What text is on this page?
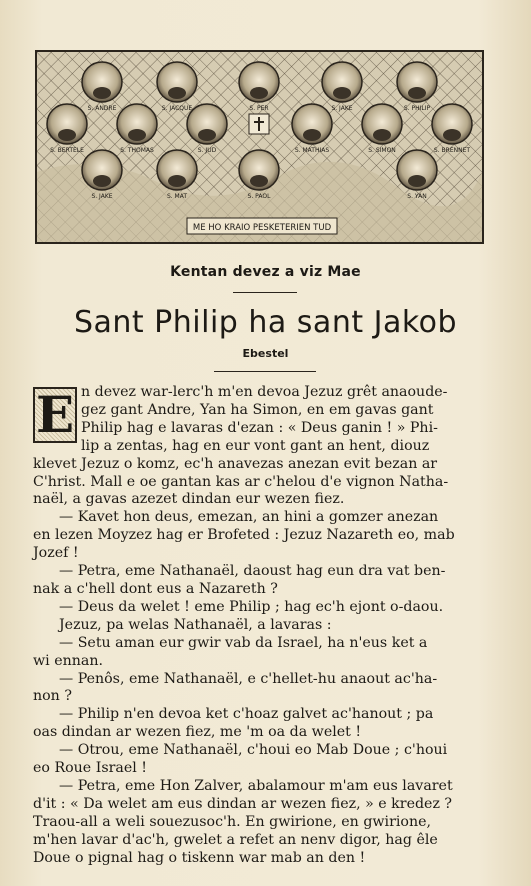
S. ANDRE	S. JACQUE	S. PER	S. JAKE	S. PHILIP
S. BERTELE	S. THOMAS	S. JUD	S. MATHIAS	S. SIMON	S. BRENNET
S. JAKE	S. MAT	S. PAOL	S. YAN
ME HO KRAIO PESKETERIEN TUD
Kentan devez a viz Mae
Sant Philip ha sant Jakob
Ebestel
E n devez war-lerc'h m'en devoa Jezuz grêt anaoude-
gez gant Andre, Yan ha Simon, en em gavas gant
Philip hag e lavaras d'ezan : « Deus ganin ! » Phi-
lip a zentas, hag en eur vont gant an hent, diouz
klevet Jezuz o komz, ec'h anavezas anezan evit bezan ar
C'hrist. Mall e oe gantan kas ar c'helou d'e vignon Natha-
naël, a gavas azezet dindan eur wezen fiez.
— Kavet hon deus, emezan, an hini a gomzer anezan
en lezen Moyzez hag er Brofeted : Jezuz Nazareth eo, mab
Jozef !
— Petra, eme Nathanaël, daoust hag eun dra vat ben-
nak a c'hell dont eus a Nazareth ?
— Deus da welet ! eme Philip ; hag ec'h ejont o-daou.
Jezuz, pa welas Nathanaël, a lavaras :
— Setu aman eur gwir vab da Israel, ha n'eus ket a
wi ennan.
— Penôs, eme Nathanaël, e c'hellet-hu anaout ac'ha-
non ?
— Philip n'en devoa ket c'hoaz galvet ac'hanout ; pa
oas dindan ar wezen fiez, me 'm oa da welet !
— Otrou, eme Nathanaël, c'houi eo Mab Doue ; c'houi
eo Roue Israel !
— Petra, eme Hon Zalver, abalamour m'am eus lavaret
d'it : « Da welet am eus dindan ar wezen fiez, » e kredez ?
Traou-all a weli souezusoc'h. En gwirione, en gwirione,
m'hen lavar d'ac'h, gwelet a refet an nenv digor, hag êle
Doue o pignal hag o tiskenn war mab an den !
